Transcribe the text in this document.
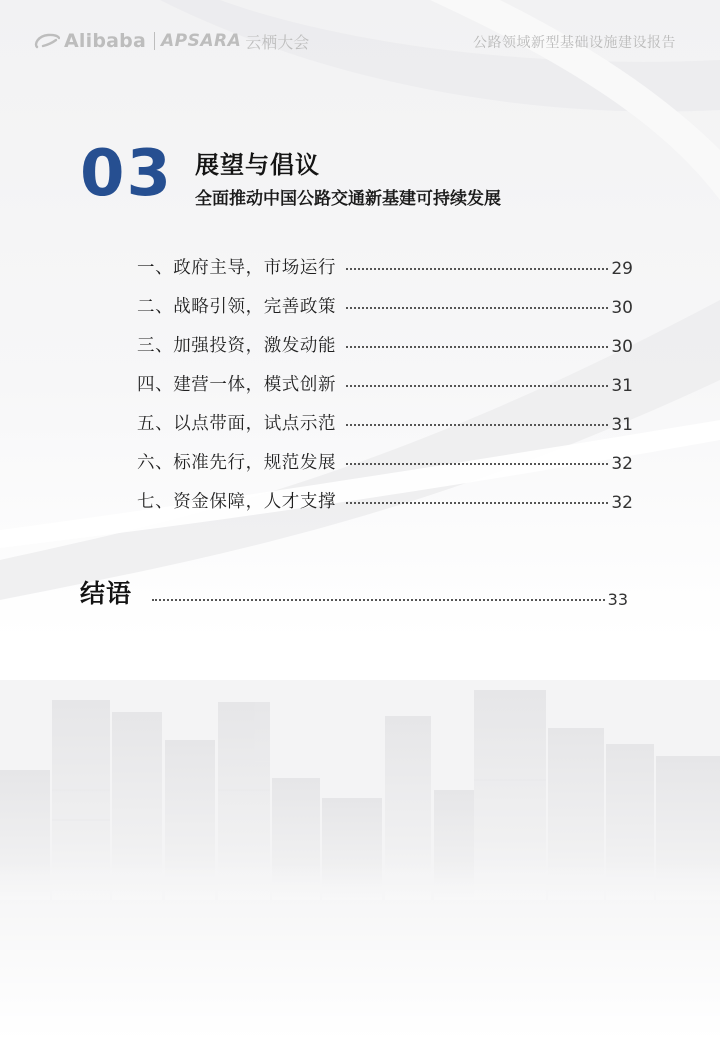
Alibaba APSARA 云栖大会	公路领域新型基础设施建设报告
03 展望与倡议
全面推动中国公路交通新基建可持续发展
一、政府主导，市场运行	29
二、战略引领，完善政策	30
三、加强投资，激发动能	30
四、建营一体，模式创新	31
五、以点带面，试点示范	31
六、标准先行，规范发展	32
七、资金保障，人才支撑	32
结语	33
